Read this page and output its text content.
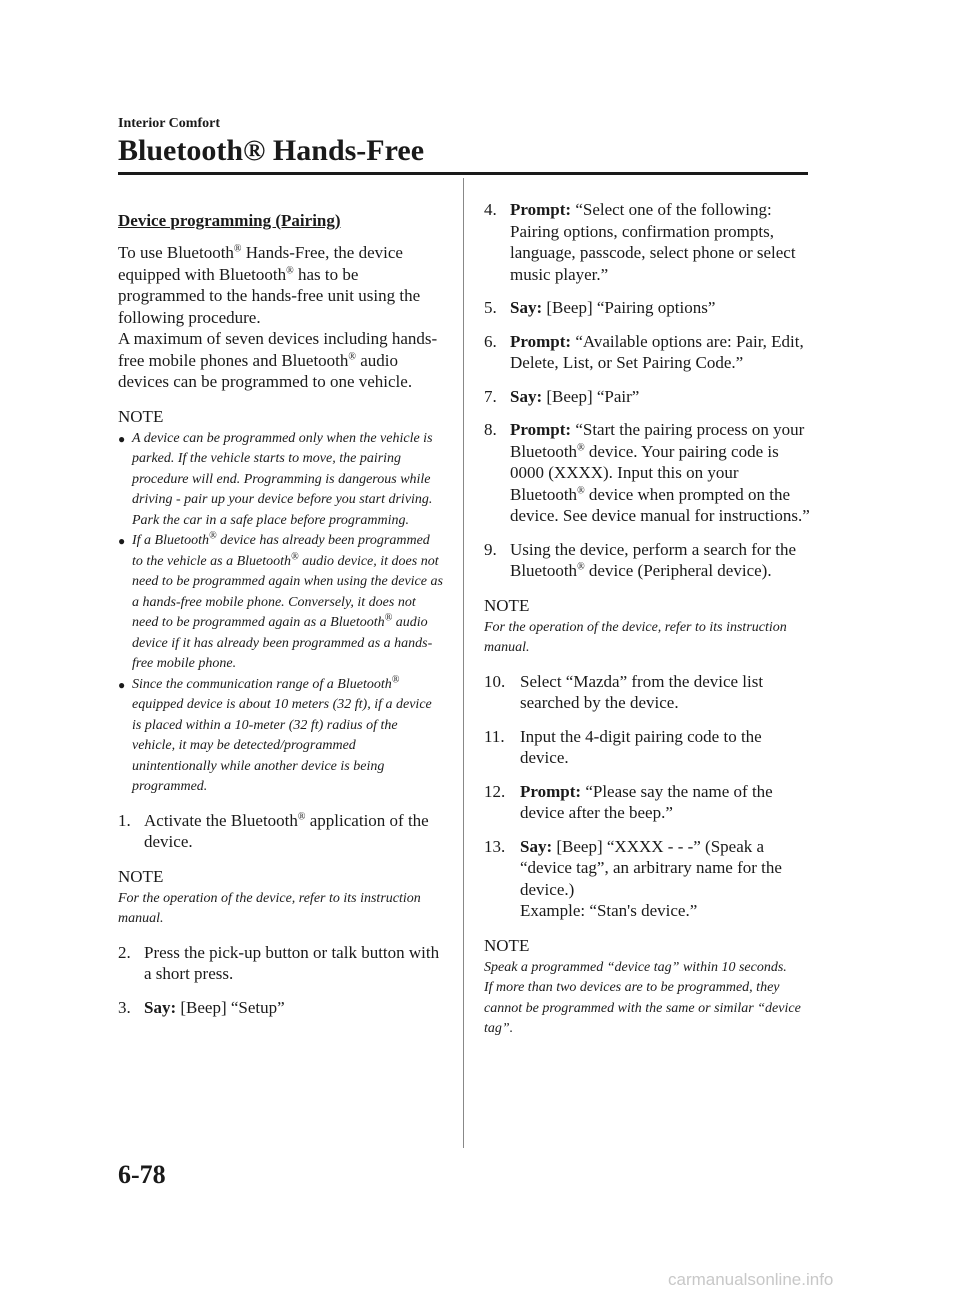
Interior Comfort
Bluetooth® Hands-Free

Device programming (Pairing)

To use Bluetooth® Hands-Free, the device equipped with Bluetooth® has to be programmed to the hands-free unit using the following procedure.

A maximum of seven devices including hands-free mobile phones and Bluetooth® audio devices can be programmed to one vehicle.

NOTE

● A device can be programmed only when the vehicle is parked. If the vehicle starts to move, the pairing procedure will end. Programming is dangerous while driving - pair up your device before you start driving. Park the car in a safe place before programming.
● If a Bluetooth® device has already been programmed to the vehicle as a Bluetooth® audio device, it does not need to be programmed again when using the device as a hands-free mobile phone. Conversely, it does not need to be programmed again as a Bluetooth® audio device if it has already been programmed as a hands-free mobile phone.
● Since the communication range of a Bluetooth® equipped device is about 10 meters (32 ft), if a device is placed within a 10-meter (32 ft) radius of the vehicle, it may be detected/programmed unintentionally while another device is being programmed.
1. Activate the Bluetooth® application of the device.

NOTE

For the operation of the device, refer to its instruction manual.

2. Press the pick-up button or talk button with a short press.
3. Say: [Beep] “Setup”
4. Prompt: “Select one of the following: Pairing options, confirmation prompts, language, passcode, select phone or select music player.”
5. Say: [Beep] “Pairing options”
6. Prompt: “Available options are: Pair, Edit, Delete, List, or Set Pairing Code.”
7. Say: [Beep] “Pair”
8. Prompt: “Start the pairing process on your Bluetooth® device. Your pairing code is 0000 (XXXX). Input this on your Bluetooth® device when prompted on the device. See device manual for instructions.”
9. Using the device, perform a search for the Bluetooth® device (Peripheral device).

NOTE

For the operation of the device, refer to its instruction manual.

10. Select “Mazda” from the device list searched by the device.
11. Input the 4-digit pairing code to the device.
12. Prompt: “Please say the name of the device after the beep.”
13. Say: [Beep] “XXXX - - -” (Speak a “device tag”, an arbitrary name for the device.)
Example: “Stan's device.”

NOTE

Speak a programmed “device tag” within 10 seconds.

If more than two devices are to be programmed, they cannot be programmed with the same or similar “device tag”.

6-78
carmanualsonline.info
